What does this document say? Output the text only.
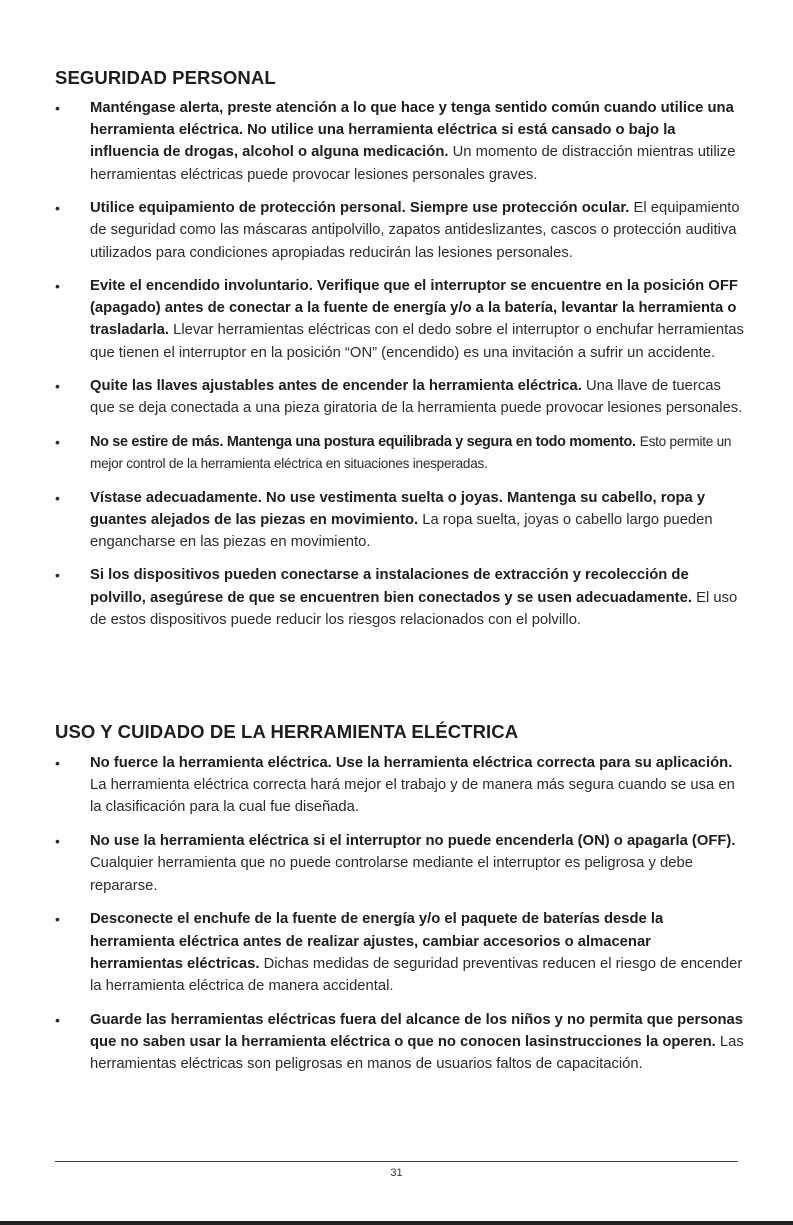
SEGURIDAD PERSONAL
• Manténgase alerta, preste atención a lo que hace y tenga sentido común cuando utilice una herramienta eléctrica. No utilice una herramienta eléctrica si está cansado o bajo la influencia de drogas, alcohol o alguna medicación. Un momento de distracción mientras utilize herramientas eléctricas puede provocar lesiones personales graves.
• Utilice equipamiento de protección personal. Siempre use protección ocular. El equipamiento de seguridad como las máscaras antipolvillo, zapatos antideslizantes, cascos o protección auditiva utilizados para condiciones apropiadas reducirán las lesiones personales.
• Evite el encendido involuntario. Verifique que el interruptor se encuentre en la posición OFF (apagado) antes de conectar a la fuente de energía y/o a la batería, levantar la herramienta o trasladarla. Llevar herramientas eléctricas con el dedo sobre el interruptor o enchufar herramientas que tienen el interruptor en la posición “ON” (encendido) es una invitación a sufrir un accidente.
• Quite las llaves ajustables antes de encender la herramienta eléctrica. Una llave de tuercas que se deja conectada a una pieza giratoria de la herramienta puede provocar lesiones personales.
• No se estire de más. Mantenga una postura equilibrada y segura en todo momento. Esto permite un mejor control de la herramienta eléctrica en situaciones inesperadas.
• Vístase adecuadamente. No use vestimenta suelta o joyas. Mantenga su cabello, ropa y guantes alejados de las piezas en movimiento. La ropa suelta, joyas o cabello largo pueden engancharse en las piezas en movimiento.
• Si los dispositivos pueden conectarse a instalaciones de extracción y recolección de polvillo, asegúrese de que se encuentren bien conectados y se usen adecuadamente. El uso de estos dispositivos puede reducir los riesgos relacionados con el polvillo.
USO Y CUIDADO DE LA HERRAMIENTA ELÉCTRICA
• No fuerce la herramienta eléctrica. Use la herramienta eléctrica correcta para su aplicación. La herramienta eléctrica correcta hará mejor el trabajo y de manera más segura cuando se usa en la clasificación para la cual fue diseñada.
• No use la herramienta eléctrica si el interruptor no puede encenderla (ON) o apagarla (OFF). Cualquier herramienta que no puede controlarse mediante el interruptor es peligrosa y debe repararse.
• Desconecte el enchufe de la fuente de energía y/o el paquete de baterías desde la herramienta eléctrica antes de realizar ajustes, cambiar accesorios o almacenar herramientas eléctricas. Dichas medidas de seguridad preventivas reducen el riesgo de encender la herramienta eléctrica de manera accidental.
• Guarde las herramientas eléctricas fuera del alcance de los niños y no permita que personas que no saben usar la herramienta eléctrica o que no conocen lasinstrucciones la operen. Las herramientas eléctricas son peligrosas en manos de usuarios faltos de capacitación.
31
